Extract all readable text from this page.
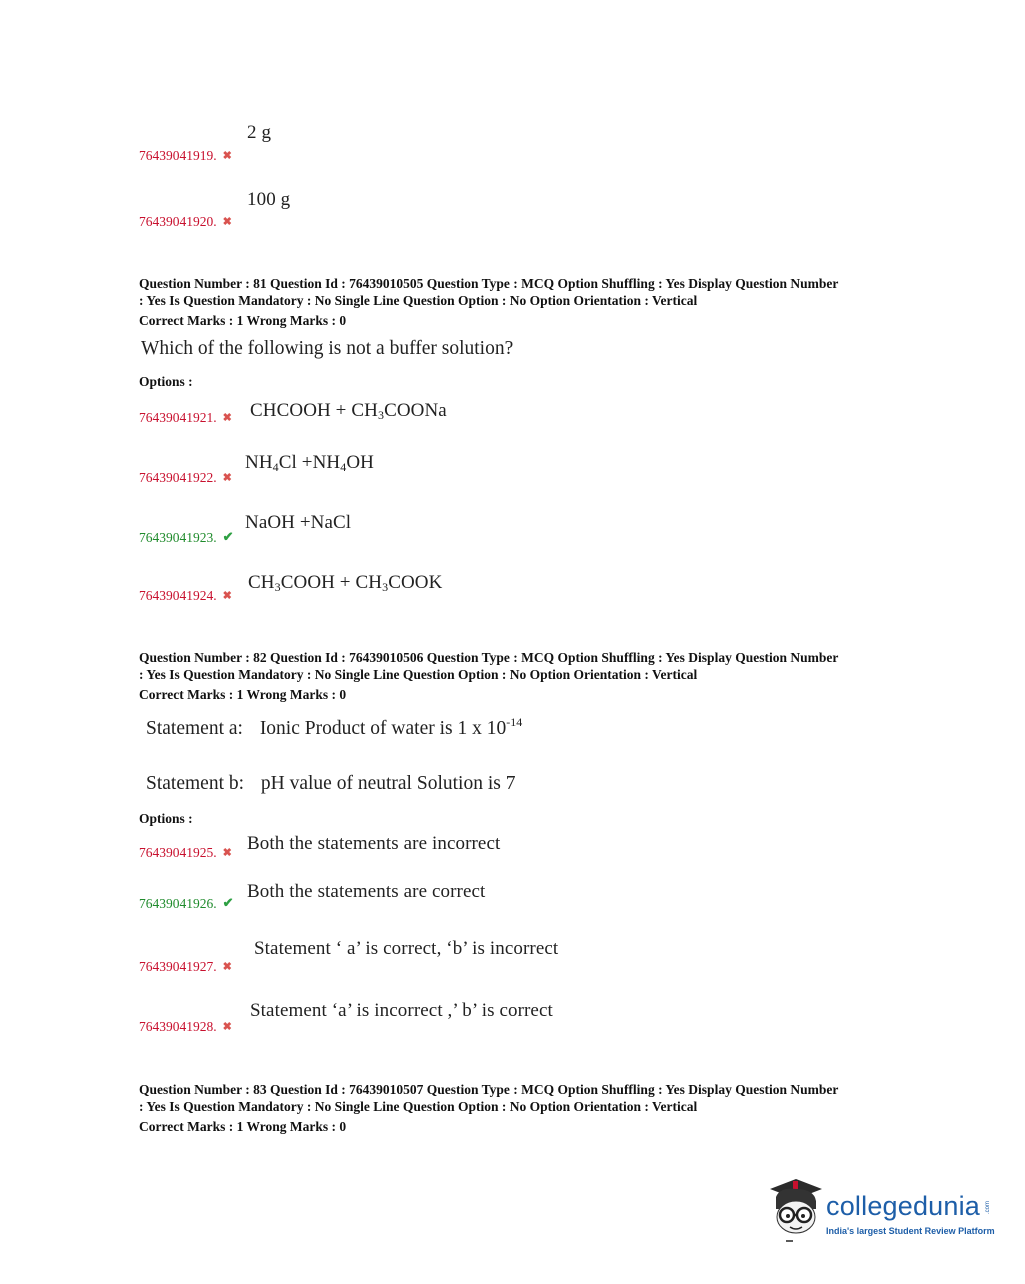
2 g
76439041919. ✖
100 g
76439041920. ✖
Question Number : 81 Question Id : 76439010505 Question Type : MCQ Option Shuffling : Yes Display Question Number
: Yes Is Question Mandatory : No Single Line Question Option : No Option Orientation : Vertical
Correct Marks : 1 Wrong Marks : 0
Which of the following is not a buffer solution?
Options :
76439041921. ✖ CHCOOH + $CH_3COONa$
$NH_4Cl +NH_4OH$
76439041922. ✖
NaOH +NaCl
76439041923. ✔
$CH_3COOH$ + $CH_3COOK$
76439041924. ✖
Question Number : 82 Question Id : 76439010506 Question Type : MCQ Option Shuffling : Yes Display Question Number
: Yes Is Question Mandatory : No Single Line Question Option : No Option Orientation : Vertical
Correct Marks : 1 Wrong Marks : 0
Statement a: Ionic Product of water is 1 x $10^{-14}$
Statement b: pH value of neutral Solution is 7
Options :
76439041925. ✖ Both the statements are incorrect
Both the statements are correct
76439041926. ✔
Statement ‘ a’ is correct, ‘b’ is incorrect
76439041927. ✖
Statement ‘a’ is incorrect ,’ b’ is correct
76439041928. ✖
Question Number : 83 Question Id : 76439010507 Question Type : MCQ Option Shuffling : Yes Display Question Number
: Yes Is Question Mandatory : No Single Line Question Option : No Option Orientation : Vertical
Correct Marks : 1 Wrong Marks : 0
collegedunia .com
India's largest Student Review Platform
